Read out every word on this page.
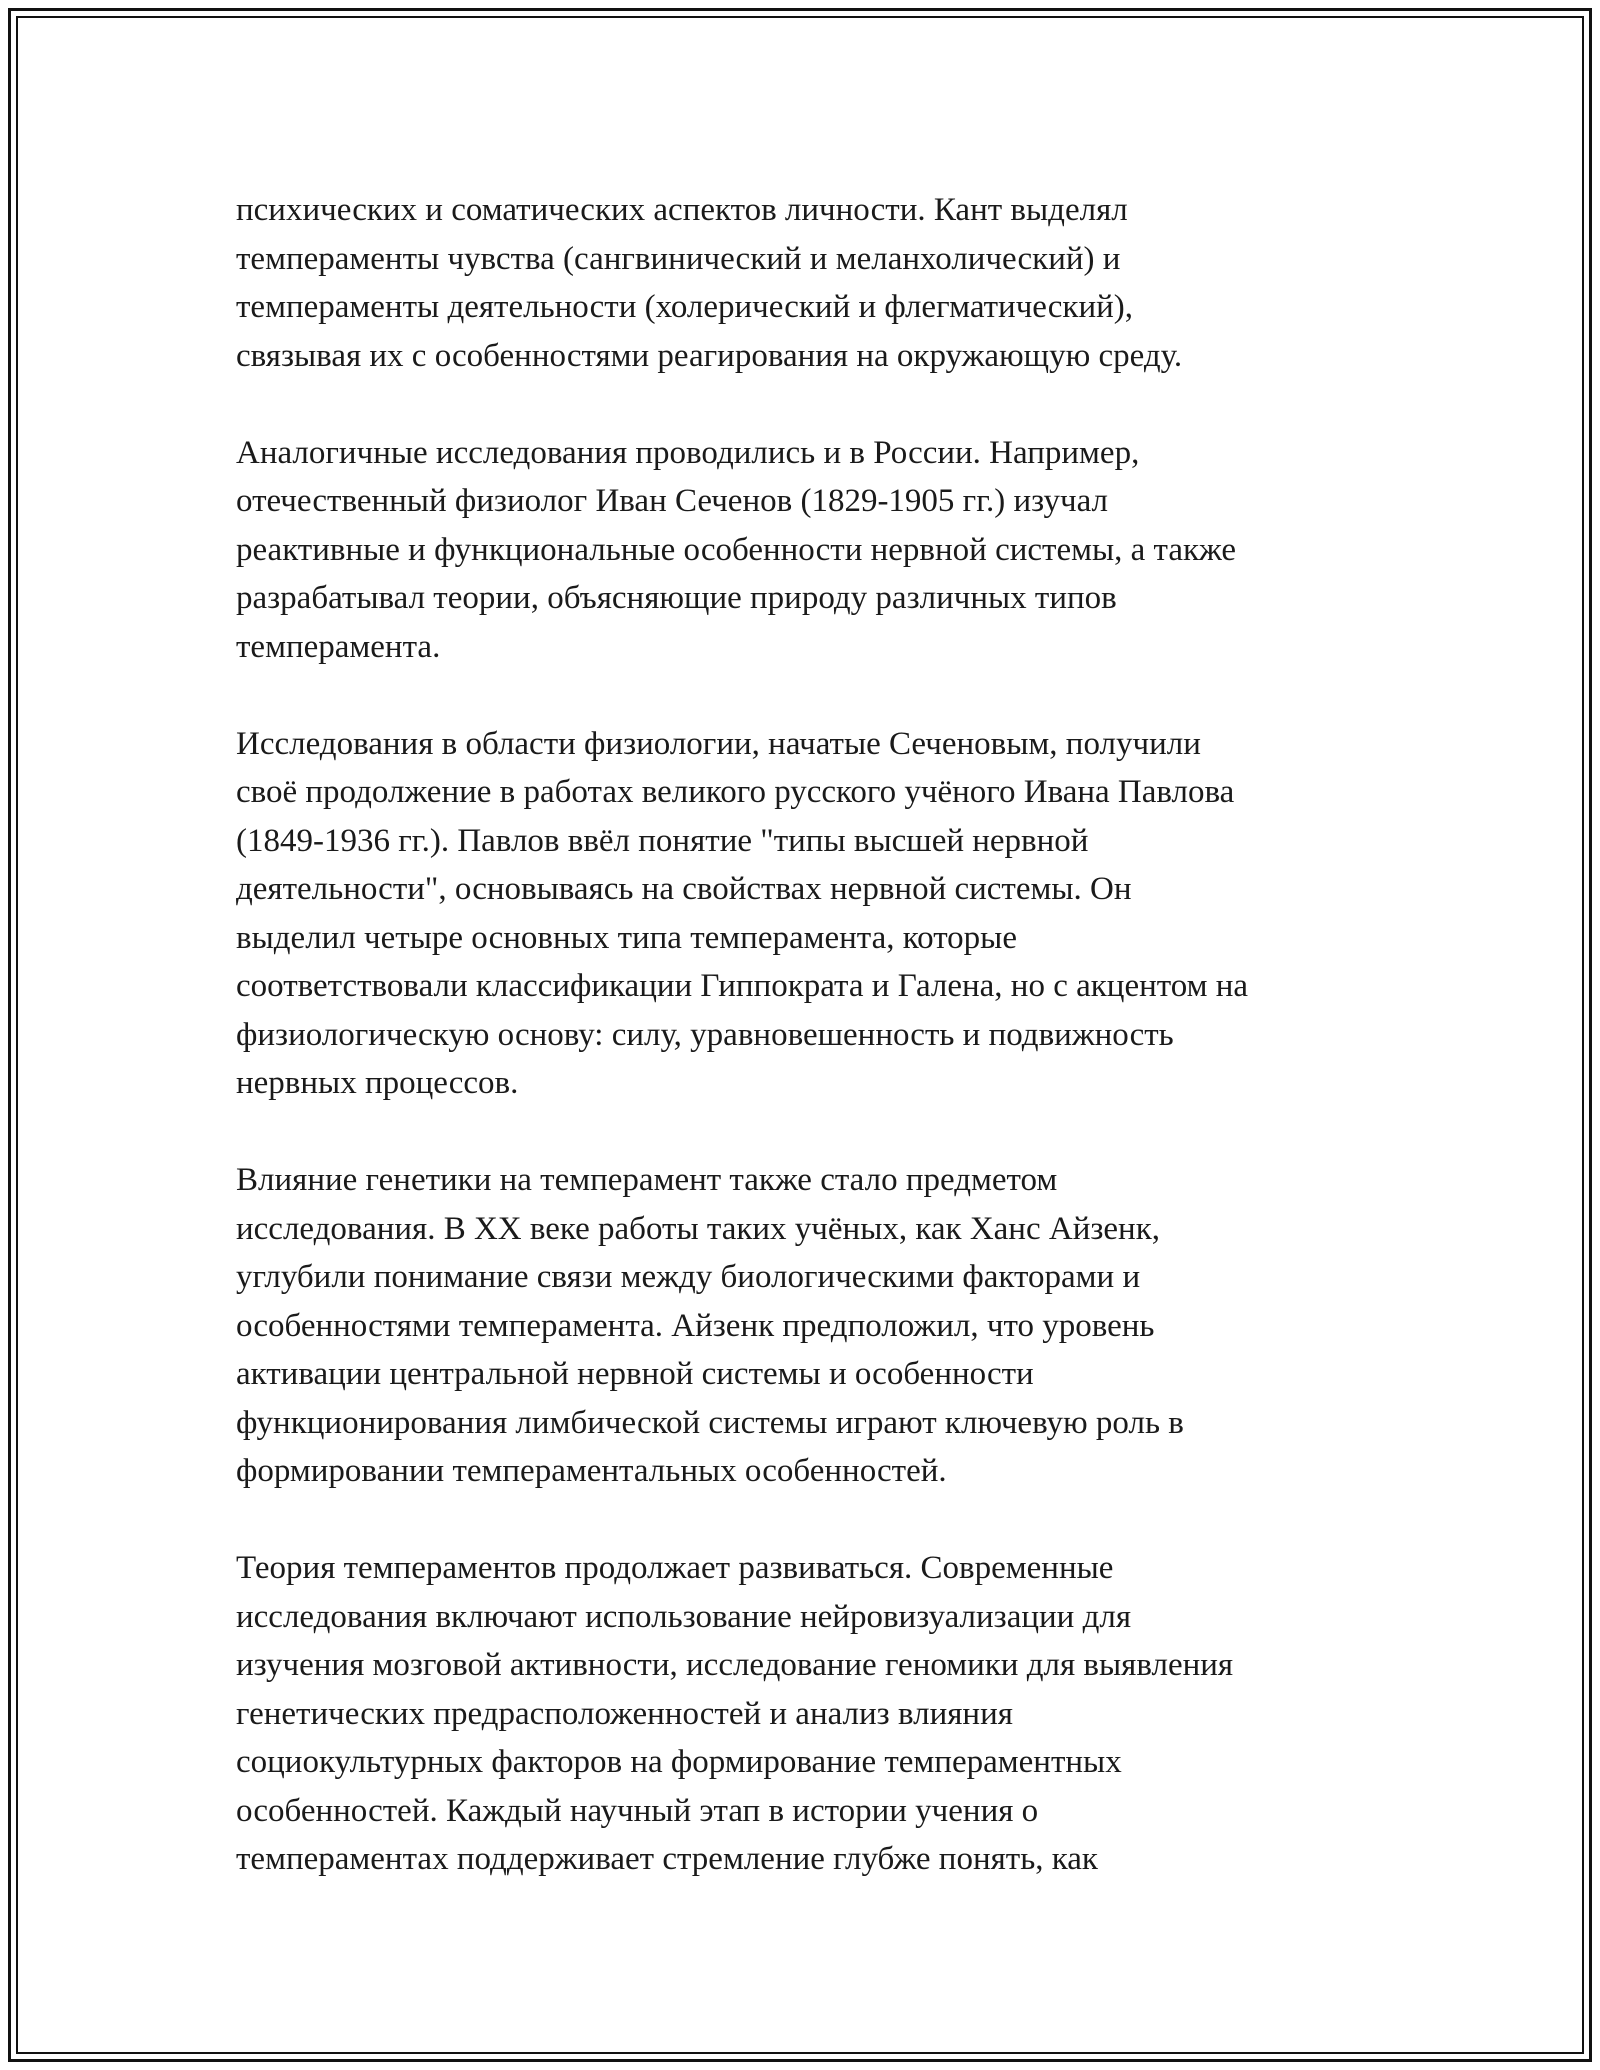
психических и соматических аспектов личности. Кант выделял
темпераменты чувства (сангвинический и меланхолический) и
темпераменты деятельности (холерический и флегматический),
связывая их с особенностями реагирования на окружающую среду.
Аналогичные исследования проводились и в России. Например,
отечественный физиолог Иван Сеченов (1829-1905 гг.) изучал
реактивные и функциональные особенности нервной системы, а также
разрабатывал теории, объясняющие природу различных типов
темперамента.
Исследования в области физиологии, начатые Сеченовым, получили
своё продолжение в работах великого русского учёного Ивана Павлова
(1849-1936 гг.). Павлов ввёл понятие "типы высшей нервной
деятельности", основываясь на свойствах нервной системы. Он
выделил четыре основных типа темперамента, которые
соответствовали классификации Гиппократа и Галена, но с акцентом на
физиологическую основу: силу, уравновешенность и подвижность
нервных процессов.
Влияние генетики на темперамент также стало предметом
исследования. В XX веке работы таких учёных, как Ханс Айзенк,
углубили понимание связи между биологическими факторами и
особенностями темперамента. Айзенк предположил, что уровень
активации центральной нервной системы и особенности
функционирования лимбической системы играют ключевую роль в
формировании темпераментальных особенностей.
Теория темпераментов продолжает развиваться. Современные
исследования включают использование нейровизуализации для
изучения мозговой активности, исследование геномики для выявления
генетических предрасположенностей и анализ влияния
социокультурных факторов на формирование темпераментных
особенностей. Каждый научный этап в истории учения о
темпераментах поддерживает стремление глубже понять, как
